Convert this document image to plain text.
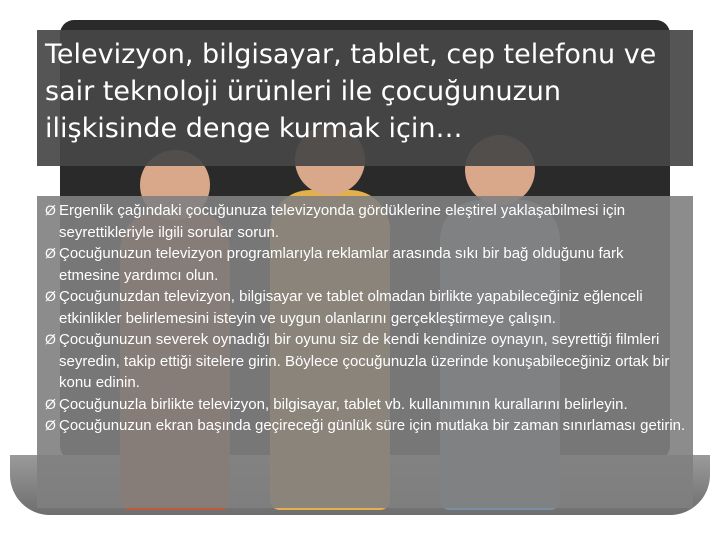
Televizyon, bilgisayar, tablet, cep telefonu ve sair teknoloji ürünleri ile çocuğunuzun ilişkisinde denge kurmak için…
Ø Ergenlik çağındaki çocuğunuza televizyonda gördüklerine eleştirel yaklaşabilmesi için seyrettikleriyle ilgili sorular sorun.
Ø Çocuğunuzun televizyon programlarıyla reklamlar arasında sıkı bir bağ olduğunu fark etmesine yardımcı olun.
Ø Çocuğunuzdan televizyon, bilgisayar ve tablet olmadan birlikte yapabileceğiniz eğlenceli etkinlikler belirlemesini isteyin ve uygun olanlarını gerçekleştirmeye çalışın.
Ø Çocuğunuzun severek oynadığı bir oyunu siz de kendi kendinize oynayın, seyrettiği filmleri seyredin, takip ettiği sitelere girin. Böylece çocuğunuzla üzerinde konuşabileceğiniz ortak bir konu edinin.
Ø Çocuğunuzla birlikte televizyon, bilgisayar, tablet vb. kullanımının kurallarını belirleyin.
Ø Çocuğunuzun ekran başında geçireceği günlük süre için mutlaka bir zaman sınırlaması getirin.
